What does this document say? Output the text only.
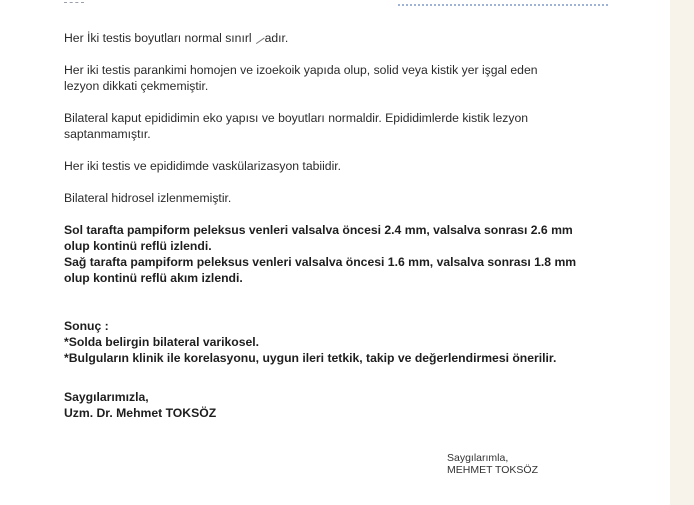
Her İki testis boyutları normal sınırl adır.

Her iki testis parankimi homojen ve izoekoik yapıda olup, solid veya kistik yer işgal eden
lezyon dikkati çekmemiştir.
Bilateral kaput epididimin eko yapısı ve boyutları normaldir. Epididimlerde kistik lezyon
saptanmamıştır.
Her iki testis ve epididimde vaskülarizasyon tabiidir.
Bilateral hidrosel izlenmemiştir.
Sol tarafta pampiform peleksus venleri valsalva öncesi 2.4 mm, valsalva sonrası 2.6 mm
olup kontinü reflü izlendi.
Sağ tarafta pampiform peleksus venleri valsalva öncesi 1.6 mm, valsalva sonrası 1.8 mm
olup kontinü reflü akım izlendi.
Sonuç :
*Solda belirgin bilateral varikosel.
*Bulguların klinik ile korelasyonu, uygun ileri tetkik, takip ve değerlendirmesi önerilir.
Saygılarımızla,
Uzm. Dr. Mehmet TOKSÖZ
Saygılarımla,
MEHMET TOKSÖZ
